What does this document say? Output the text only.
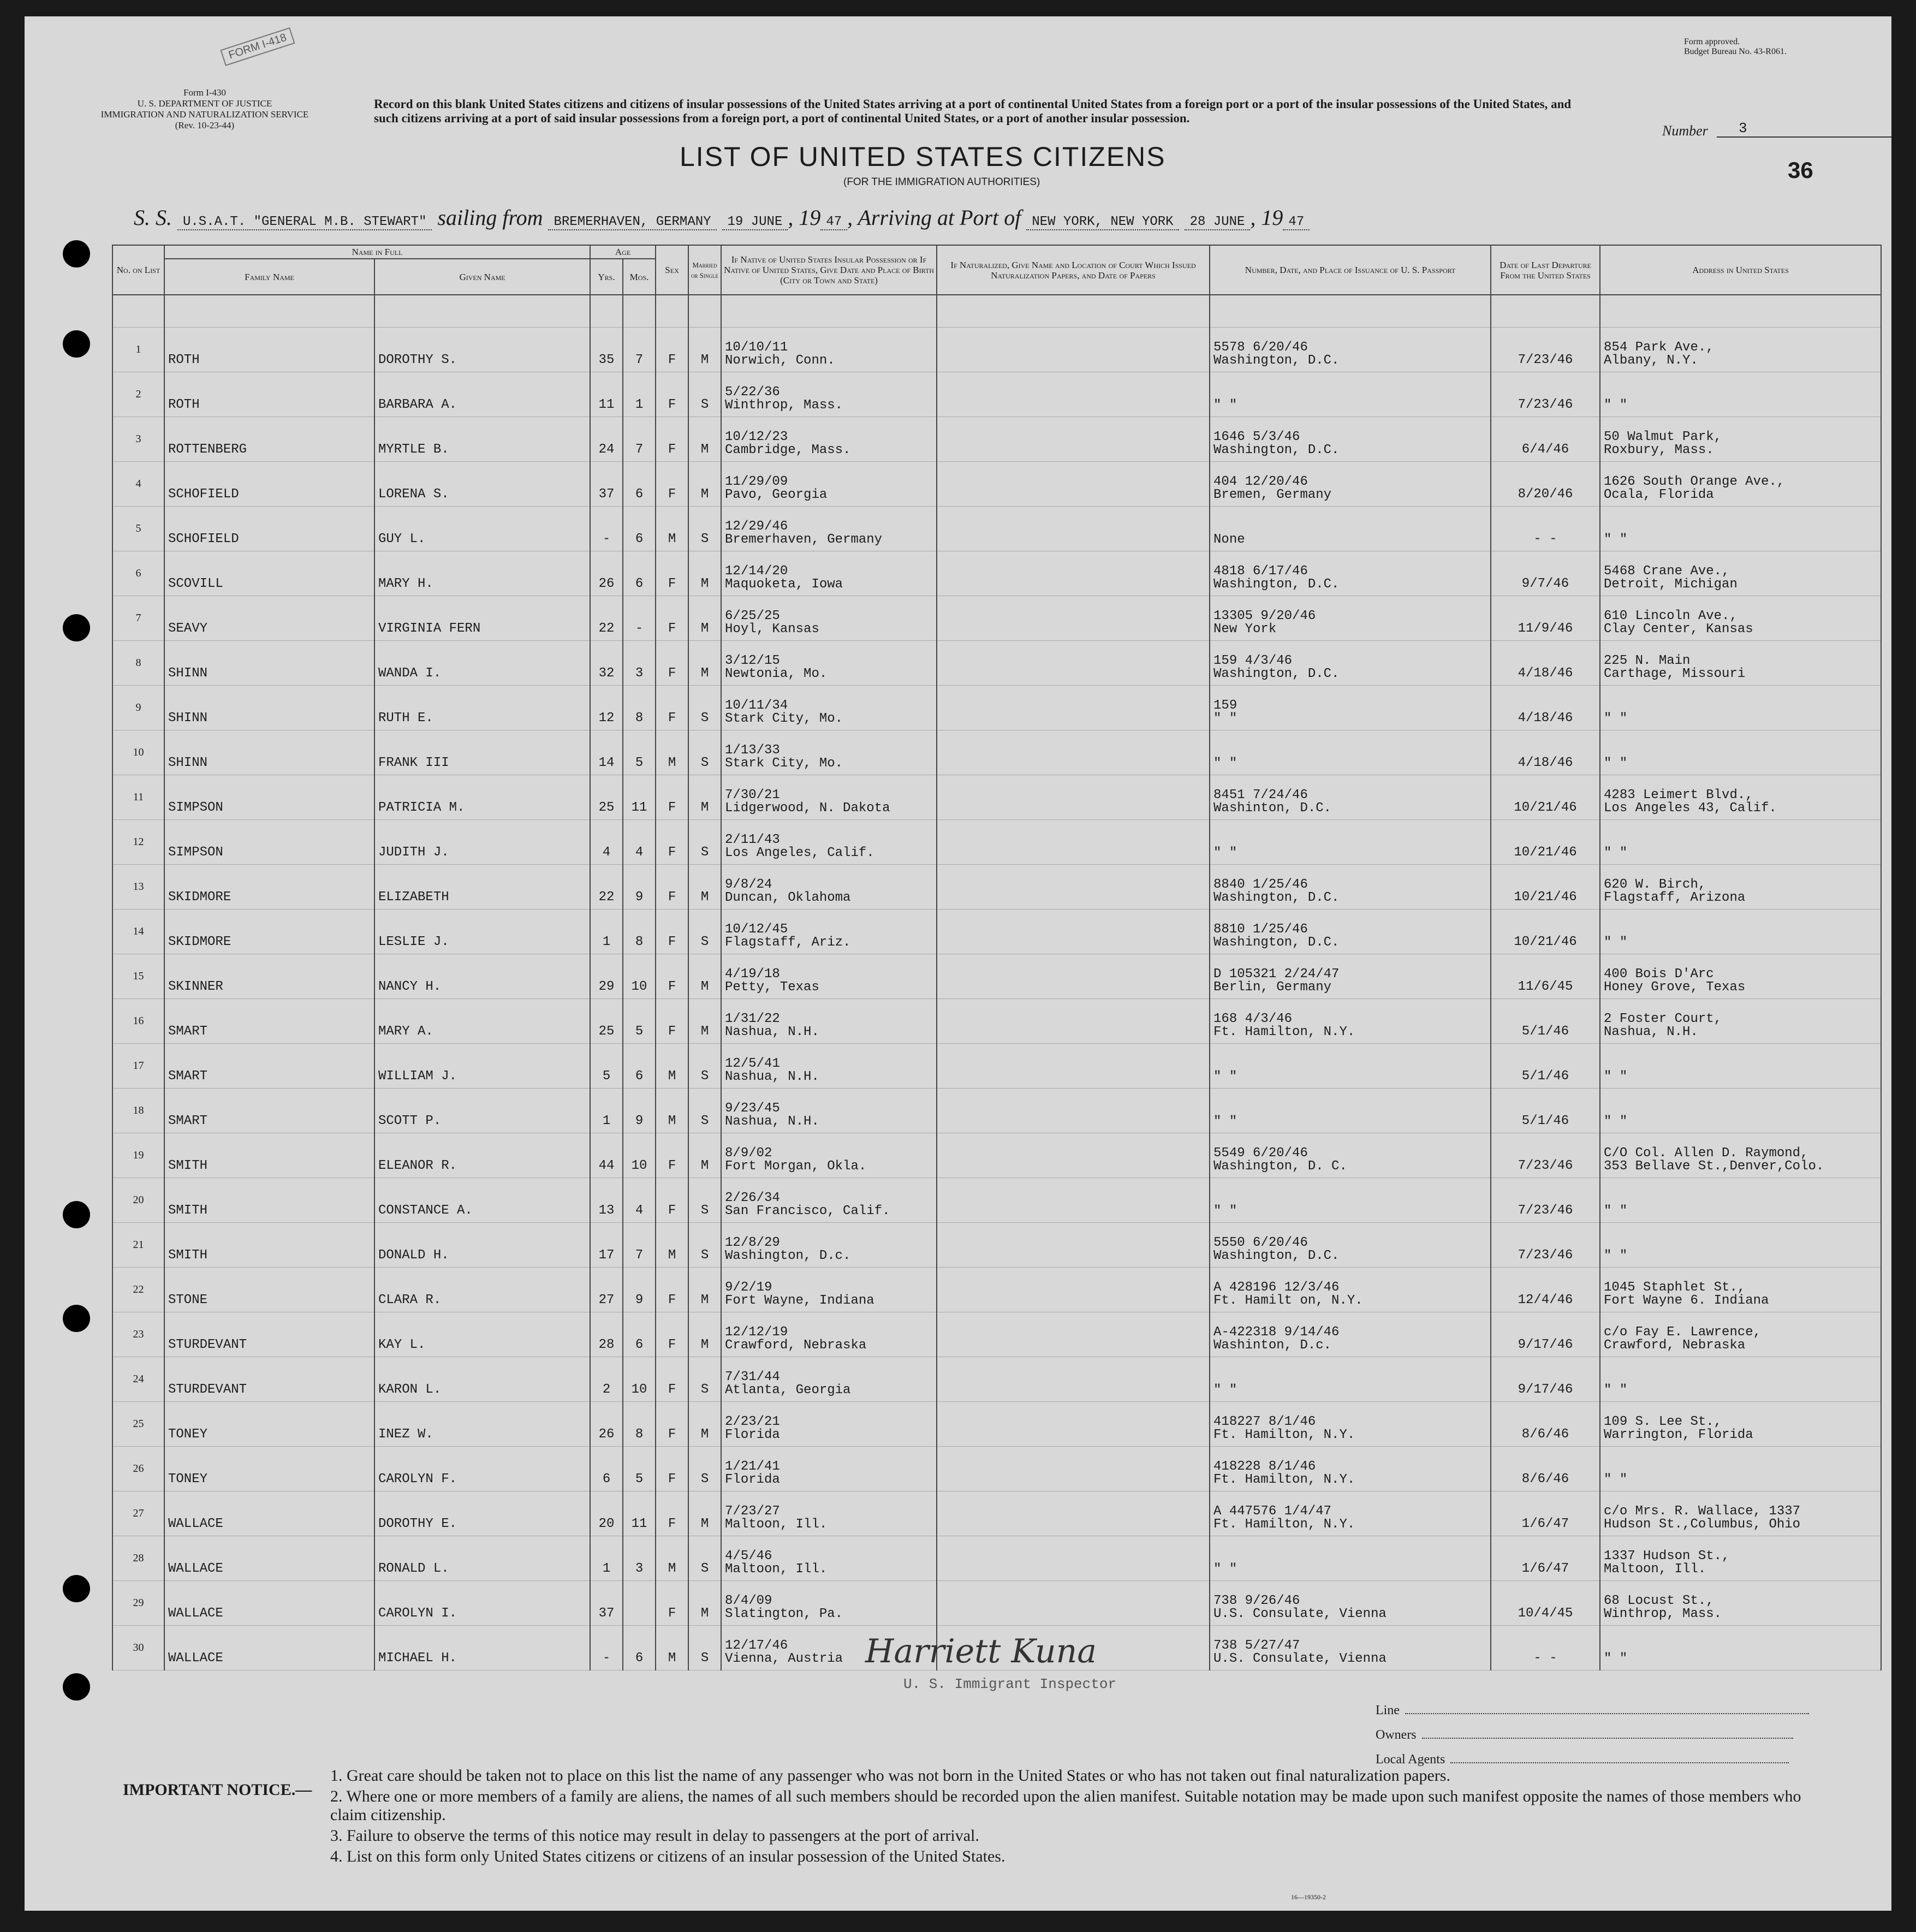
FORM I-418
Form I-430
U. S. DEPARTMENT OF JUSTICE
IMMIGRATION AND NATURALIZATION SERVICE
(Rev. 10-23-44)
Form approved.
Budget Bureau No. 43-R061.
Record on this blank United States citizens and citizens of insular possessions of the United States arriving at a port of continental United States from a foreign port or a port of the insular possessions of the United States, and such citizens arriving at a port of said insular possessions from a foreign port, a port of continental United States, or a port of another insular possession.
Number	3
LIST OF UNITED STATES CITIZENS
(FOR THE IMMIGRATION AUTHORITIES)	36
S. S. U.S.A.T. "GENERAL M.B. STEWART" sailing from BREMERHAVEN, GERMANY 19 JUNE , 19 47 , Arriving at Port of NEW YORK, NEW YORK 28 JUNE , 19 47
No. on List	Name in Full		Age		Sex	Married or Single	If Native of United States Insular Possession or If Native of United States, Give Date and Place of Birth (City or Town and State)	If Naturalized, Give Name and Location of Court Which Issued Naturalization Papers, and Date of Papers	Number, Date, and Place of Issuance of U. S. Passport	Date of Last Departure From the United States	Address in United States
	Family Name	Given Name	Yrs.	Mos.							

1	ROTH	DOROTHY S.	35	7	F	M	10/10/11
Norwich, Conn.		5578 6/20/46
Washington, D.C.	7/23/46	854 Park Ave.,
Albany, N.Y.

2	ROTH	BARBARA A.	11	1	F	S	5/22/36
Winthrop, Mass.		" "	7/23/46	" "

3	ROTTENBERG	MYRTLE B.	24	7	F	M	10/12/23
Cambridge, Mass.		1646 5/3/46
Washington, D.C.	6/4/46	50 Walmut Park,
Roxbury, Mass.

4	SCHOFIELD	LORENA S.	37	6	F	M	11/29/09
Pavo, Georgia		404 12/20/46
Bremen, Germany	8/20/46	1626 South Orange Ave.,
Ocala, Florida

5	SCHOFIELD	GUY L.	-	6	M	S	12/29/46
Bremerhaven, Germany		None	- -	" "

6	SCOVILL	MARY H.	26	6	F	M	12/14/20
Maquoketa, Iowa		4818 6/17/46
Washington, D.C.	9/7/46	5468 Crane Ave.,
Detroit, Michigan

7	SEAVY	VIRGINIA FERN	22	-	F	M	6/25/25
Hoyl, Kansas		13305 9/20/46
New York	11/9/46	610 Lincoln Ave.,
Clay Center, Kansas

8	SHINN	WANDA I.	32	3	F	M	3/12/15
Newtonia, Mo.		159 4/3/46
Washington, D.C.	4/18/46	225 N. Main
Carthage, Missouri

9	SHINN	RUTH E.	12	8	F	S	10/11/34
Stark City, Mo.		159
" "	4/18/46	" "

10	SHINN	FRANK III	14	5	M	S	1/13/33
Stark City, Mo.		" "	4/18/46	" "

11	SIMPSON	PATRICIA M.	25	11	F	M	7/30/21
Lidgerwood, N. Dakota		8451 7/24/46
Washinton, D.C.	10/21/46	4283 Leimert Blvd.,
Los Angeles 43, Calif.

12	SIMPSON	JUDITH J.	4	4	F	S	2/11/43
Los Angeles, Calif.		" "	10/21/46	" "

13	SKIDMORE	ELIZABETH	22	9	F	M	9/8/24
Duncan, Oklahoma		8840 1/25/46
Washington, D.C.	10/21/46	620 W. Birch,
Flagstaff, Arizona

14	SKIDMORE	LESLIE J.	1	8	F	S	10/12/45
Flagstaff, Ariz.		8810 1/25/46
Washington, D.C.	10/21/46	" "

15	SKINNER	NANCY H.	29	10	F	M	4/19/18
Petty, Texas		D 105321 2/24/47
Berlin, Germany	11/6/45	400 Bois D'Arc
Honey Grove, Texas

16	SMART	MARY A.	25	5	F	M	1/31/22
Nashua, N.H.		168 4/3/46
Ft. Hamilton, N.Y.	5/1/46	2 Foster Court,
Nashua, N.H.

17	SMART	WILLIAM J.	5	6	M	S	12/5/41
Nashua, N.H.		" "	5/1/46	" "

18	SMART	SCOTT P.	1	9	M	S	9/23/45
Nashua, N.H.		" "	5/1/46	" "

19	SMITH	ELEANOR R.	44	10	F	M	8/9/02
Fort Morgan, Okla.		5549 6/20/46
Washington, D. C.	7/23/46	C/O Col. Allen D. Raymond,
353 Bellave St.,Denver,Colo.

20	SMITH	CONSTANCE A.	13	4	F	S	2/26/34
San Francisco, Calif.		" "	7/23/46	" "

21	SMITH	DONALD H.	17	7	M	S	12/8/29
Washington, D.c.		5550 6/20/46
Washington, D.C.	7/23/46	" "

22	STONE	CLARA R.	27	9	F	M	9/2/19
Fort Wayne, Indiana		A 428196 12/3/46
Ft. Hamilt on, N.Y.	12/4/46	1045 Staphlet St.,
Fort Wayne 6. Indiana

23	STURDEVANT	KAY L.	28	6	F	M	12/12/19
Crawford, Nebraska		A-422318 9/14/46
Washinton, D.c.	9/17/46	c/o Fay E. Lawrence,
Crawford, Nebraska

24	STURDEVANT	KARON L.	2	10	F	S	7/31/44
Atlanta, Georgia		" "	9/17/46	" "

25	TONEY	INEZ W.	26	8	F	M	2/23/21
Florida		418227 8/1/46
Ft. Hamilton, N.Y.	8/6/46	109 S. Lee St.,
Warrington, Florida

26	TONEY	CAROLYN F.	6	5	F	S	1/21/41
Florida		418228 8/1/46
Ft. Hamilton, N.Y.	8/6/46	" "

27	WALLACE	DOROTHY E.	20	11	F	M	7/23/27
Maltoon, Ill.		A 447576 1/4/47
Ft. Hamilton, N.Y.	1/6/47	c/o Mrs. R. Wallace, 1337
Hudson St.,Columbus, Ohio

28	WALLACE	RONALD L.	1	3	M	S	4/5/46
Maltoon, Ill.		" "	1/6/47	1337 Hudson St.,
Maltoon, Ill.

29	WALLACE	CAROLYN I.	37		F	M	8/4/09
Slatington, Pa.		738 9/26/46
U.S. Consulate, Vienna	10/4/45	68 Locust St.,
Winthrop, Mass.

30	WALLACE	MICHAEL H.	-	6	M	S	12/17/46
Vienna, Austria		738 5/27/47
U.S. Consulate, Vienna	- -	" "
Harriett Kuna
U. S. Immigrant Inspector
Line
Owners
Local Agents
IMPORTANT NOTICE.—
1. Great care should be taken not to place on this list the name of any passenger who was not born in the United States or who has not taken out final naturalization papers.
2. Where one or more members of a family are aliens, the names of all such members should be recorded upon the alien manifest. Suitable notation may be made upon such manifest opposite the names of those members who claim citizenship.
3. Failure to observe the terms of this notice may result in delay to passengers at the port of arrival.
4. List on this form only United States citizens or citizens of an insular possession of the United States.
16—19350-2
